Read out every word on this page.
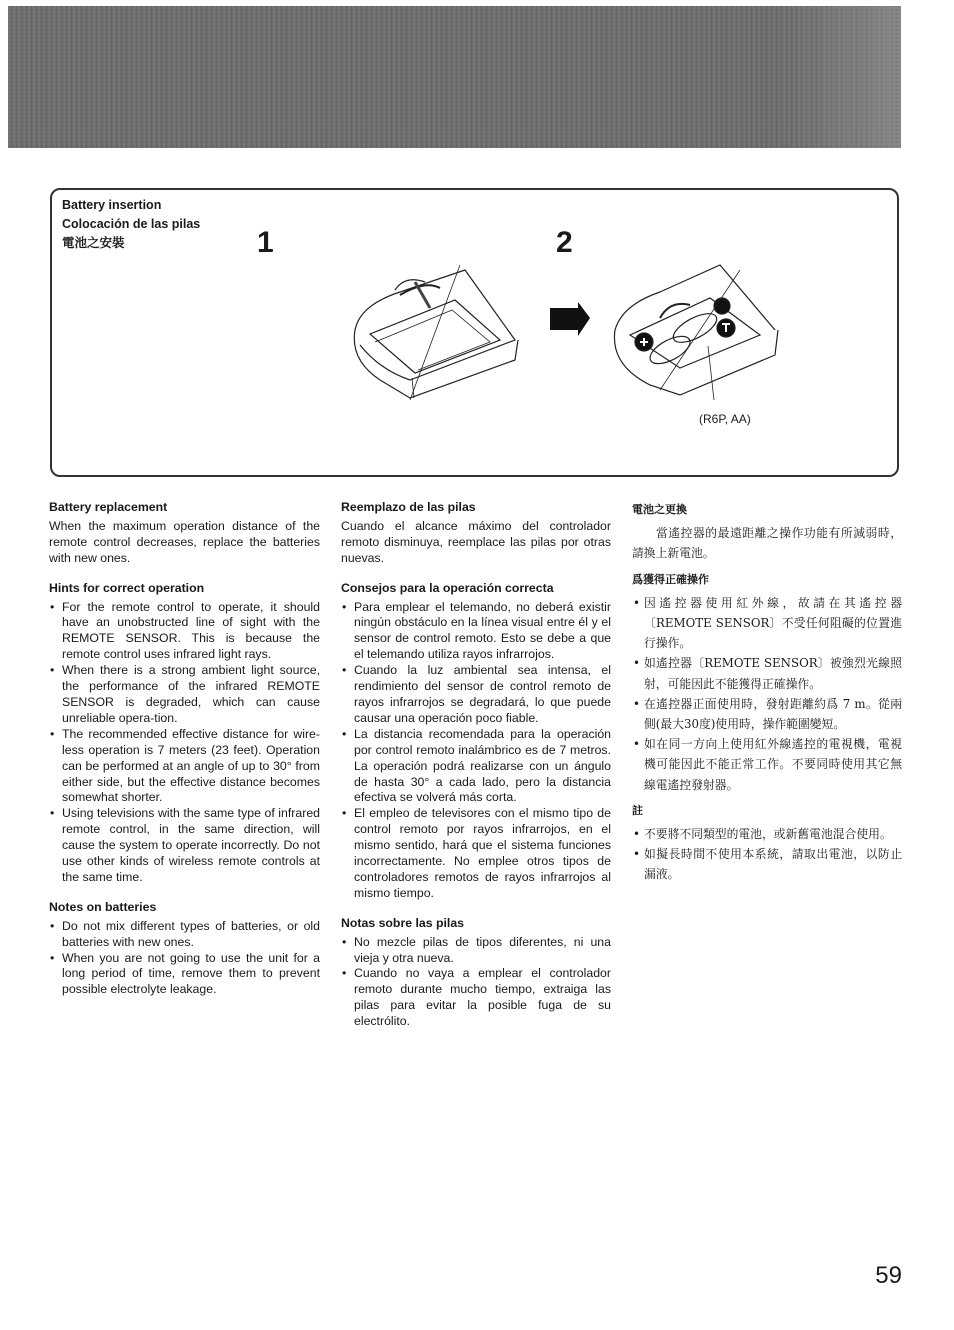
Battery insertion
Colocación de las pilas
電池之安裝	1	2
(R6P, AA)

Battery replacement

When the maximum operation distance of the remote control decreases, replace the batteries with new ones.

Hints for correct operation

• For the remote control to operate, it should have an unobstructed line of sight with the REMOTE SENSOR. This is because the remote control uses infrared light rays.
• When there is a strong ambient light source, the performance of the infrared REMOTE SENSOR is degraded, which can cause unreliable opera-tion.
• The recommended effective distance for wire-less operation is 7 meters (23 feet). Operation can be performed at an angle of up to 30° from either side, but the effective distance becomes somewhat shorter.
• Using televisions with the same type of infrared remote control, in the same direction, will cause the system to operate incorrectly. Do not use other kinds of wireless remote controls at the same time.

Notes on batteries

• Do not mix different types of batteries, or old batteries with new ones.
• When you are not going to use the unit for a long period of time, remove them to prevent possible electrolyte leakage.

Reemplazo de las pilas

Cuando el alcance máximo del controlador remoto disminuya, reemplace las pilas por otras nuevas.

Consejos para la operación correcta

• Para emplear el telemando, no deberá existir ningún obstáculo en la línea visual entre él y el sensor de control remoto. Esto se debe a que el telemando utiliza rayos infrarrojos.
• Cuando la luz ambiental sea intensa, el rendimiento del sensor de control remoto de rayos infrarrojos se degradará, lo que puede causar una operación poco fiable.
• La distancia recomendada para la operación por control remoto inalámbrico es de 7 metros. La operación podrá realizarse con un ángulo de hasta 30° a cada lado, pero la distancia efectiva se volverá más corta.
• El empleo de televisores con el mismo tipo de control remoto por rayos infrarrojos, en el mismo sentido, hará que el sistema funciones incorrectamente. No emplee otros tipos de controladores remotos de rayos infrarrojos al mismo tiempo.

Notas sobre las pilas

• No mezcle pilas de tipos diferentes, ni una vieja y otra nueva.
• Cuando no vaya a emplear el controlador remoto durante mucho tiempo, extraiga las pilas para evitar la posible fuga de su electrólito.

電池之更換

當遙控器的最遠距離之操作功能有所減弱時，請換上新電池。

爲獲得正確操作

• 因遙控器使用紅外線，故請在其遙控器〔REMOTE SENSOR〕不受任何阻礙的位置進行操作。
• 如遙控器〔REMOTE SENSOR〕被強烈光線照射，可能因此不能獲得正確操作。
• 在遙控器正面使用時，發射距離約爲 7 m。從兩側(最大30度)使用時，操作範圍變短。
• 如在同一方向上使用紅外線遙控的電視機，電視機可能因此不能正常工作。不要同時使用其它無線電遙控發射器。

註

• 不要將不同類型的電池，或新舊電池混合使用。
• 如擬長時間不使用本系統，請取出電池，以防止漏液。
59
